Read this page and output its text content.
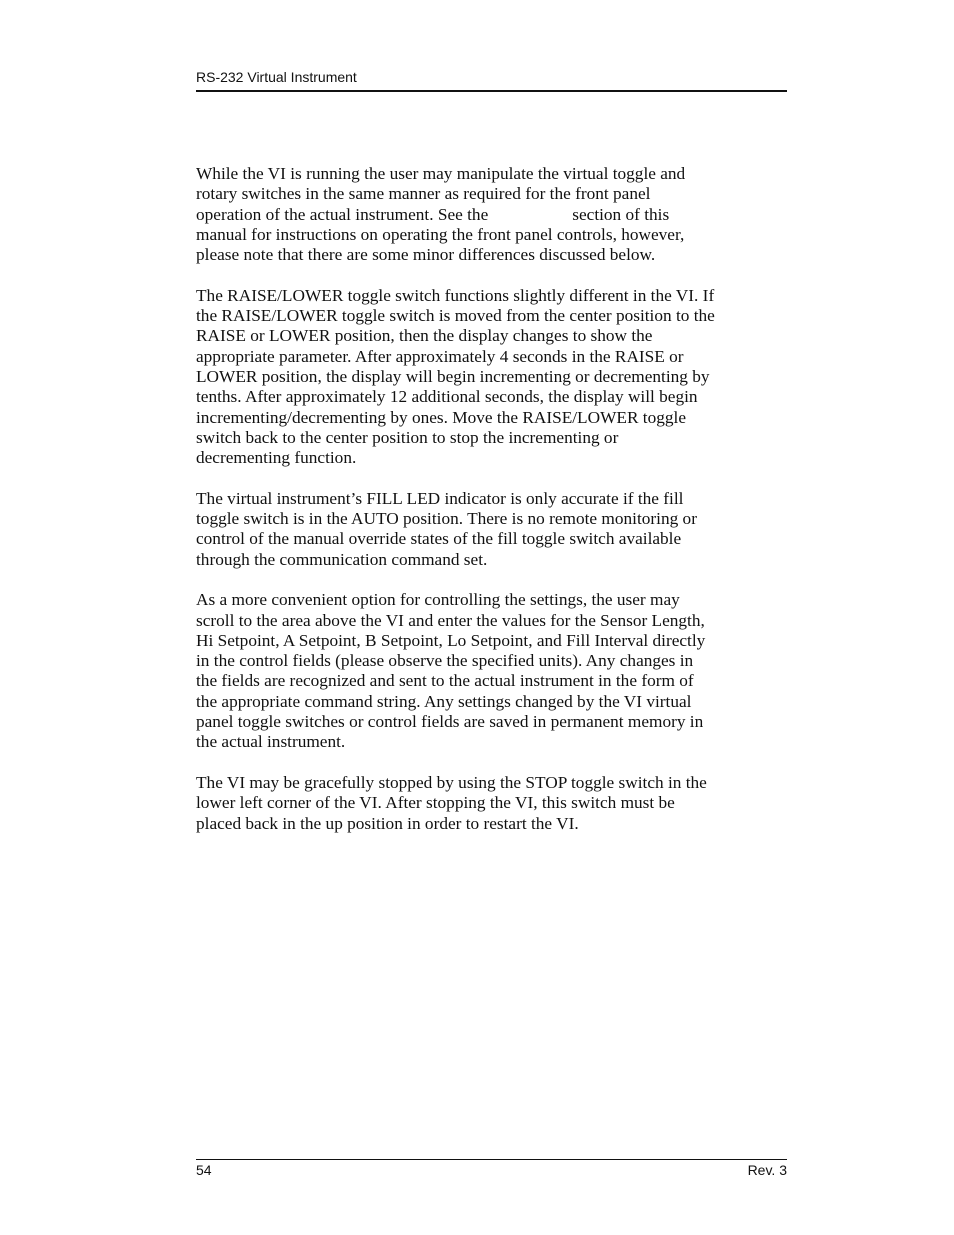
RS-232 Virtual Instrument

While the VI is running the user may manipulate the virtual toggle and
rotary switches in the same manner as required for the front panel
operation of the actual instrument. See the	section of this
manual for instructions on operating the front panel controls, however,
please note that there are some minor differences discussed below.

The RAISE/LOWER toggle switch functions slightly different in the VI. If
the RAISE/LOWER toggle switch is moved from the center position to the
RAISE or LOWER position, then the display changes to show the
appropriate parameter. After approximately 4 seconds in the RAISE or
LOWER position, the display will begin incrementing or decrementing by
tenths. After approximately 12 additional seconds, the display will begin
incrementing/decrementing by ones. Move the RAISE/LOWER toggle
switch back to the center position to stop the incrementing or
decrementing function.

The virtual instrument’s FILL LED indicator is only accurate if the fill
toggle switch is in the AUTO position. There is no remote monitoring or
control of the manual override states of the fill toggle switch available
through the communication command set.

As a more convenient option for controlling the settings, the user may
scroll to the area above the VI and enter the values for the Sensor Length,
Hi Setpoint, A Setpoint, B Setpoint, Lo Setpoint, and Fill Interval directly
in the control fields (please observe the specified units). Any changes in
the fields are recognized and sent to the actual instrument in the form of
the appropriate command string. Any settings changed by the VI virtual
panel toggle switches or control fields are saved in permanent memory in
the actual instrument.

The VI may be gracefully stopped by using the STOP toggle switch in the
lower left corner of the VI. After stopping the VI, this switch must be
placed back in the up position in order to restart the VI.

54	Rev. 3
